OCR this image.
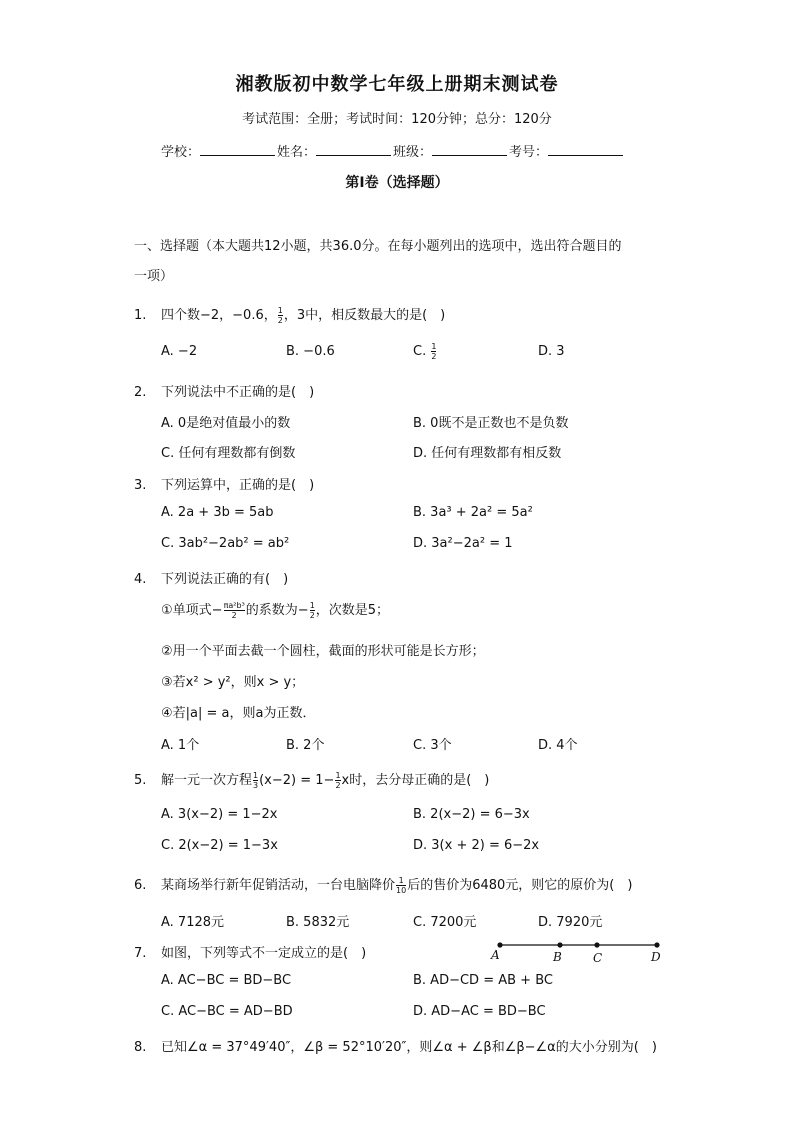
湘教版初中数学七年级上册期末测试卷
考试范围：全册；考试时间：120分钟；总分：120分
学校：	姓名：	班级：	考号：
第I卷（选择题）
一、选择题（本大题共12小题，共36.0分。在每小题列出的选项中，选出符合题目的
一项）
1. 四个数−2，−0.6， $\frac{1}{2}$ ，3中，相反数最大的是(　)
A. −2	B. −0.6	C. $\frac{1}{2}$	D. 3
2. 下列说法中不正确的是(　)
A. 0是绝对值最小的数	B. 0既不是正数也不是负数
C. 任何有理数都有倒数	D. 任何有理数都有相反数
3. 下列运算中，正确的是(　)
A. 2a + 3b = 5ab	B. 3a³ + 2a² = 5a²
C. 3ab²−2ab² = ab²	D. 3a²−2a² = 1
4. 下列说法正确的有(　)
①单项式− $\frac{\text{πa²b³}}{2}$ 的系数为− $\frac{1}{2}$ ，次数是5；
②用一个平面去截一个圆柱，截面的形状可能是长方形；
③若x² > y²，则x > y；
④若|a| = a，则a为正数．
A. 1个	B. 2个	C. 3个	D. 4个
5. 解一元一次方程 $\frac{1}{3} (x-2) = 1- \frac{1}{2}$ x时，去分母正确的是(　)
A. 3(x−2) = 1−2x	B. 2(x−2) = 6−3x
C. 2(x−2) = 1−3x	D. 3(x + 2) = 6−2x
6. 某商场举行新年促销活动，一台电脑降价 $\frac{1}{10}$ 后的售价为6480元，则它的原价为(　)
A. 7128元	B. 5832元	C. 7200元	D. 7920元
7. 如图，下列等式不一定成立的是(　)	A	B	C	D
A. AC−BC = BD−BC	B. AD−CD = AB + BC
C. AC−BC = AD−BD	D. AD−AC = BD−BC
8. 已知∠α = 37°49′40″，∠β = 52°10′20″，则∠α + ∠β和∠β−∠α的大小分别为(　)
